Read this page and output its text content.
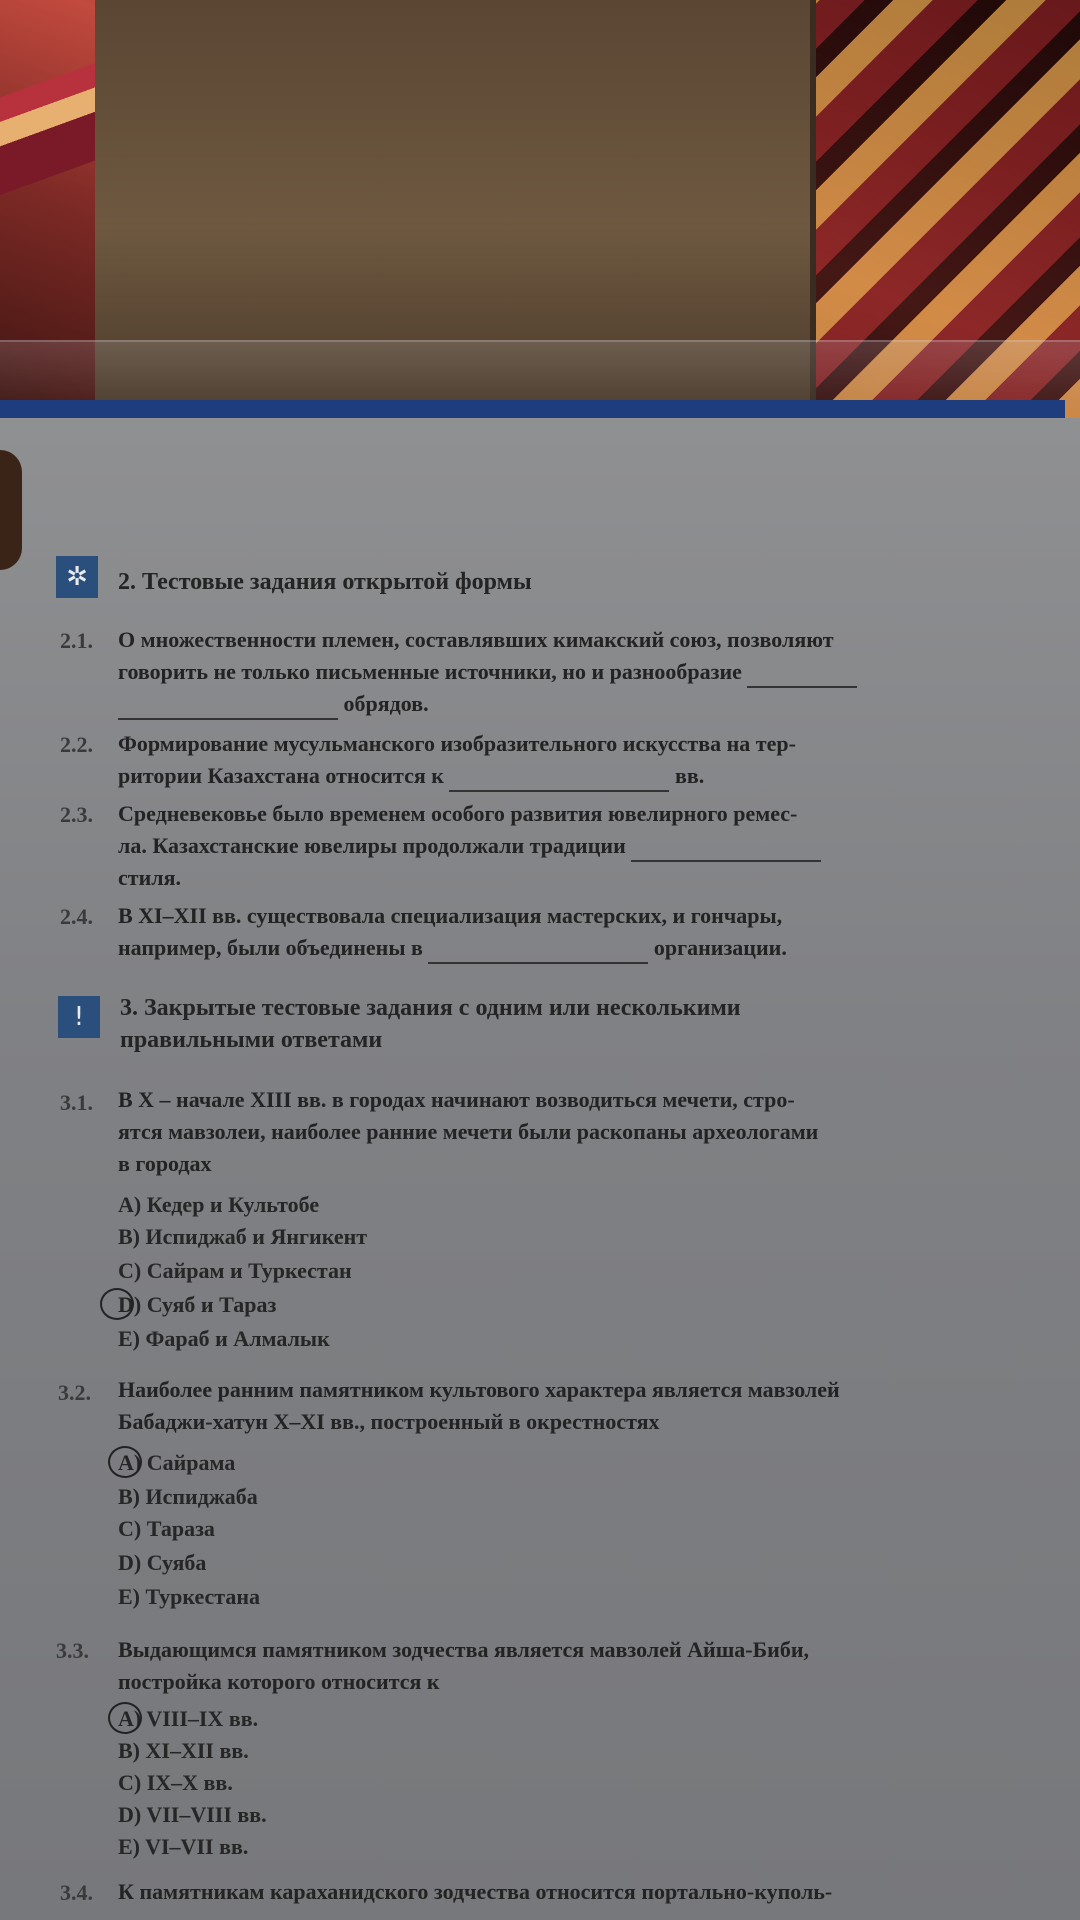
✲	2. Тестовые задания открытой формы
2.1. О множественности племен, составлявших кимакский союз, позволяют
говорить не только письменные источники, но и разнообразие
обрядов.
2.2. Формирование мусульманского изобразительного искусства на тер-
ритории Казахстана относится к	вв.
2.3. Средневековье было временем особого развития ювелирного ремес-
ла. Казахстанские ювелиры продолжали традиции
стиля.
2.4. В XI–XII вв. существовала специализация мастерских, и гончары,
например, были объединены в	организации.
!	3. Закрытые тестовые задания с одним или несколькими
правильными ответами
3.1. В X – начале XIII вв. в городах начинают возводиться мечети, стро-
ятся мавзолеи, наиболее ранние мечети были раскопаны археологами
в городах
A) Кедер и Культобе
B) Испиджаб и Янгикент
C) Сайрам и Туркестан
D) Суяб и Тараз
E) Фараб и Алмалык
3.2. Наиболее ранним памятником культового характера является мавзолей
Бабаджи-хатун X–XI вв., построенный в окрестностях
A) Сайрама
B) Испиджаба
C) Тараза
D) Суяба
E) Туркестана
3.3. Выдающимся памятником зодчества является мавзолей Айша-Биби,
постройка которого относится к
A) VIII–IX вв.
B) XI–XII вв.
C) IX–X вв.
D) VII–VIII вв.
E) VI–VII вв.
3.4. К памятникам караханидского зодчества относится портально-куполь-
